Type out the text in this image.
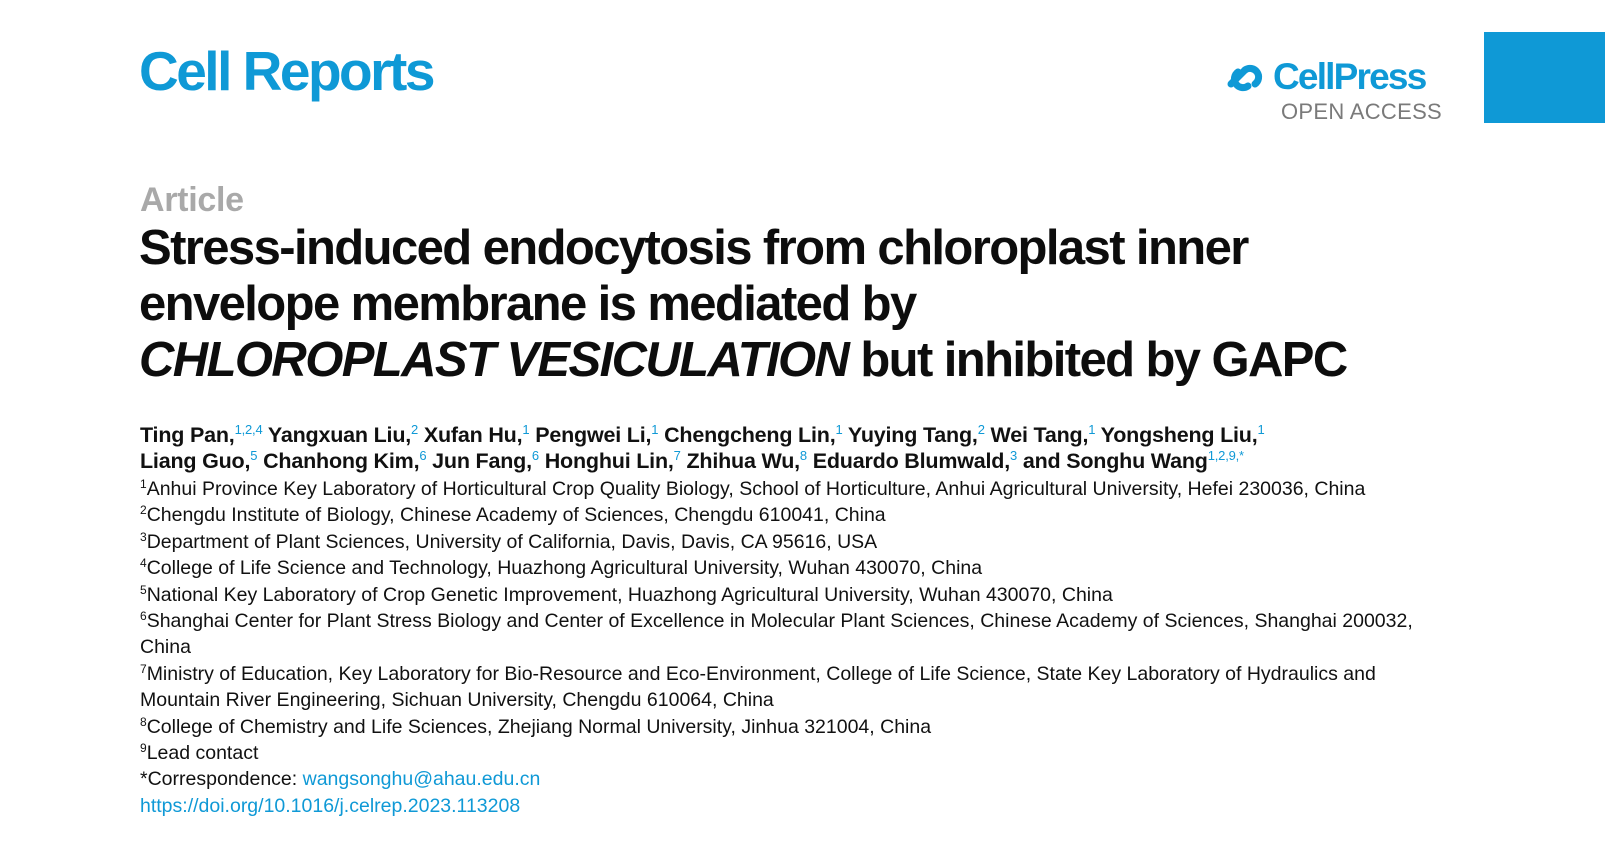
Cell Reports	CellPress
OPEN ACCESS
Article
Stress-induced endocytosis from chloroplast inner
envelope membrane is mediated by
CHLOROPLAST VESICULATION but inhibited by GAPC
Ting Pan,$^{1,2,4}$ Yangxuan Liu,$^2$ Xufan Hu,$^1$ Pengwei Li,$^1$ Chengcheng Lin,$^1$ Yuying Tang,$^2$ Wei Tang,$^1$ Yongsheng Liu,$^1$
Liang Guo,$^5$ Chanhong Kim,$^6$ Jun Fang,$^6$ Honghui Lin,$^7$ Zhihua Wu,$^8$ Eduardo Blumwald,$^3$ and Songhu Wang$^{1,2,9,*}$
$^1$Anhui Province Key Laboratory of Horticultural Crop Quality Biology, School of Horticulture, Anhui Agricultural University, Hefei 230036, China
$^2$Chengdu Institute of Biology, Chinese Academy of Sciences, Chengdu 610041, China
$^3$Department of Plant Sciences, University of California, Davis, Davis, CA 95616, USA
$^4$College of Life Science and Technology, Huazhong Agricultural University, Wuhan 430070, China
$^5$National Key Laboratory of Crop Genetic Improvement, Huazhong Agricultural University, Wuhan 430070, China
$^6$Shanghai Center for Plant Stress Biology and Center of Excellence in Molecular Plant Sciences, Chinese Academy of Sciences, Shanghai 200032, China
$^7$Ministry of Education, Key Laboratory for Bio-Resource and Eco-Environment, College of Life Science, State Key Laboratory of Hydraulics and Mountain River Engineering, Sichuan University, Chengdu 610064, China
$^8$College of Chemistry and Life Sciences, Zhejiang Normal University, Jinhua 321004, China
$^9$Lead contact
*Correspondence: wangsonghu@ahau.edu.cn
https://doi.org/10.1016/j.celrep.2023.113208
